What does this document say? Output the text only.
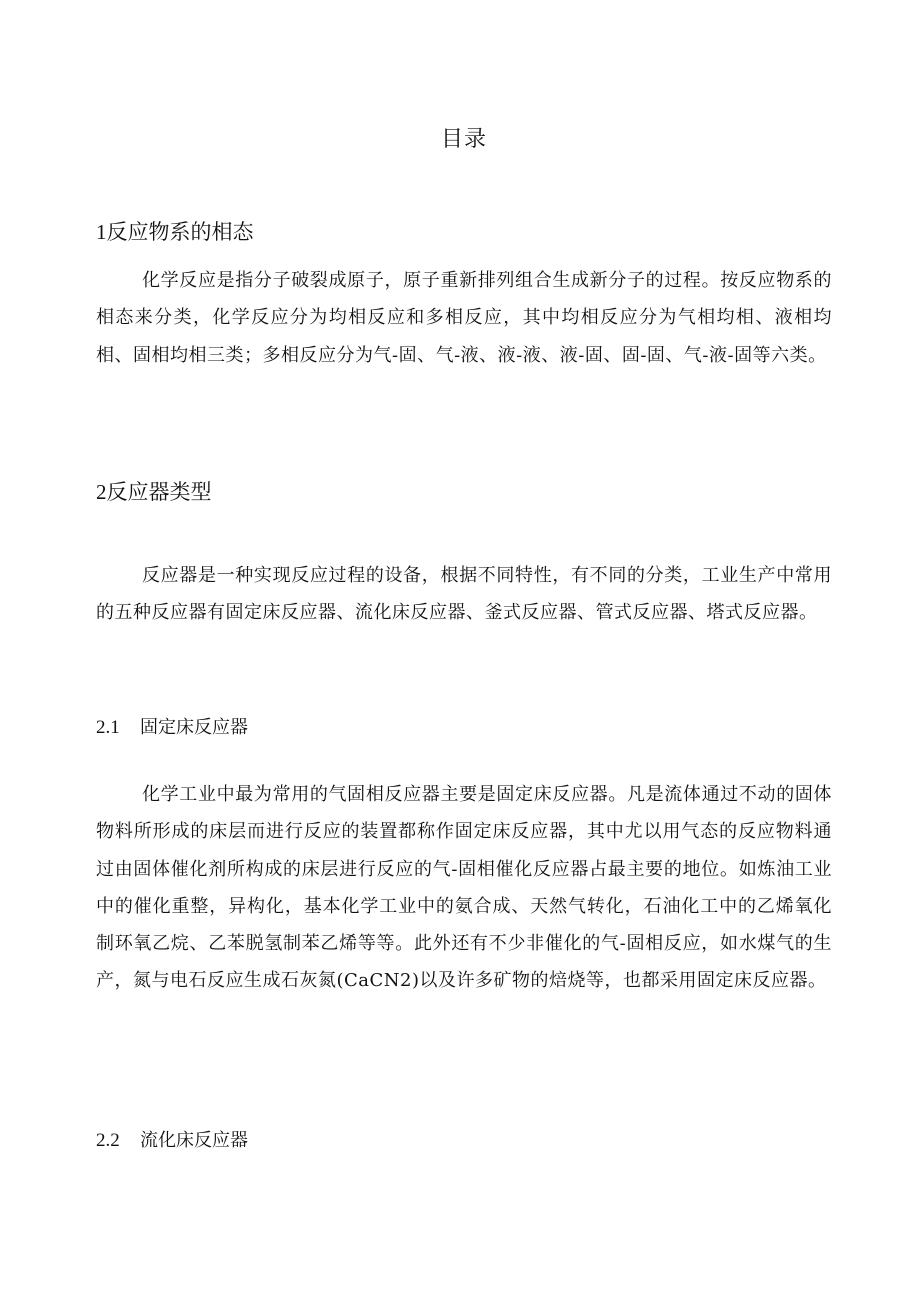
目录
1反应物系的相态

化学反应是指分子破裂成原子，原子重新排列组合生成新分子的过程。按反应物系的相态来分类，化学反应分为均相反应和多相反应，其中均相反应分为气相均相、液相均相、固相均相三类；多相反应分为气-固、气-液、液-液、液-固、固-固、气-液-固等六类。

2反应器类型

反应器是一种实现反应过程的设备，根据不同特性，有不同的分类，工业生产中常用的五种反应器有固定床反应器、流化床反应器、釜式反应器、管式反应器、塔式反应器。

2.1 固定床反应器

化学工业中最为常用的气固相反应器主要是固定床反应器。凡是流体通过不动的固体物料所形成的床层而进行反应的装置都称作固定床反应器，其中尤以用气态的反应物料通过由固体催化剂所构成的床层进行反应的气-固相催化反应器占最主要的地位。如炼油工业中的催化重整，异构化，基本化学工业中的氨合成、天然气转化，石油化工中的乙烯氧化制环氧乙烷、乙苯脱氢制苯乙烯等等。此外还有不少非催化的气-固相反应，如水煤气的生产，氮与电石反应生成石灰氮(CaCN2)以及许多矿物的焙烧等，也都采用固定床反应器。

2.2 流化床反应器
